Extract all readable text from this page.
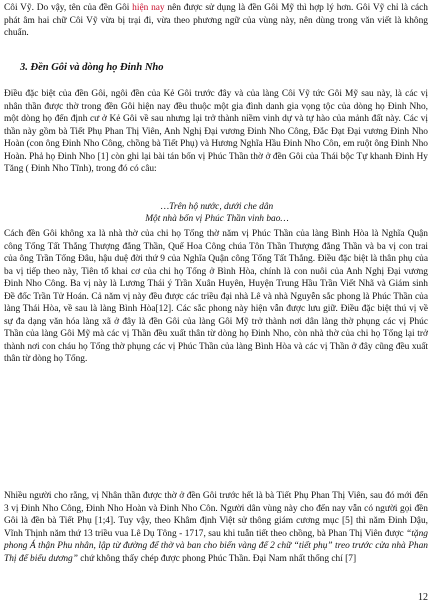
Côi Vỹ. Do vậy, tên của đền Gôi hiện nay nên được sử dụng là đền Gôi Mỹ thì hợp lý hơn. Gôi Vỹ chỉ là cách phát âm hai chữ Côi Vỹ vừa bị trại đi, vừa theo phương ngữ của vùng này, nên dùng trong văn viết là không chuẩn.

3. Đền Gôi và dòng họ Đinh Nho

Điều đặc biệt của đền Gôi, ngôi đền của Kẻ Gôi trước đây và của làng Côi Vỹ tức Gôi Mỹ sau này, là các vị nhân thần được thờ trong đền Gôi hiện nay đều thuộc một gia đình danh gia vọng tộc của dòng họ Đinh Nho, một dòng họ đến định cư ở Kẻ Gôi về sau nhưng lại trở thành niềm vinh dự và tự hào của mảnh đất này. Các vị thần này gồm bà Tiết Phụ Phan Thị Viên, Anh Nghị Đại vương Đinh Nho Công, Đắc Đạt Đại vương Đinh Nho Hoàn (con ông Đinh Nho Công, chồng bà Tiết Phụ) và Hương Nghĩa Hầu Đinh Nho Côn, em ruột ông Đinh Nho Hoàn. Phả họ Đinh Nho [1] còn ghi lại bài tán bốn vị Phúc Thần thờ ở đền Gôi của Thái bộc Tự khanh Đinh Hy Tăng ( Đinh Nho Tĩnh), trong đó có câu:

…Trên hộ nước, dưới che dân

Một nhà bốn vị Phúc Thần vinh bao…

Cách đền Gôi không xa là nhà thờ của chi họ Tống thờ năm vị Phúc Thần của làng Bình Hòa là Nghĩa Quận công Tống Tất Thắng Thượng đẳng Thần, Quế Hoa Công chúa Tôn Thần Thượng đẳng Thần và ba vị con trai của ông Trần Tống Đâu, hậu duệ đời thứ 9 của Nghĩa Quận công Tống Tất Thắng. Điều đặc biệt là thân phụ của ba vị tiếp theo này, Tiên tổ khai cơ của chi họ Tống ở Bình Hòa, chính là con nuôi của Anh Nghị Đại vương Đinh Nho Công. Ba vị này là Lương Thái ý Trần Xuân Huyên, Huyện Trung Hầu Trần Viết Nhã và Giám sinh Đề đốc Trần Tử Hoán. Cả năm vị này đều được các triều đại nhà Lê và nhà Nguyễn sắc phong là Phúc Thần của làng Thái Hòa, về sau là làng Bình Hòa[12]. Các sắc phong này hiện vẫn được lưu giữ. Điều đặc biệt thú vị về sự đa dạng văn hóa làng xã ở đây là đền Gôi của làng Gôi Mỹ trở thành nơi dân làng thờ phụng các vị Phúc Thần của làng Gôi Mỹ mà các vị Thần đều xuất thân từ dòng họ Đinh Nho, còn nhà thờ của chi họ Tống lại trở thành nơi con cháu họ Tống thờ phụng các vị Phúc Thần của làng Bình Hòa và các vị Thần ở đây cũng đều xuất thân từ dòng họ Tống.

Nhiều người cho rằng, vị Nhân thần được thờ ở đền Gôi trước hết là bà Tiết Phụ Phan Thị Viên, sau đó mới đến 3 vị Đinh Nho Công, Đinh Nho Hoàn và Đinh Nho Côn. Người dân vùng này cho đến nay vẫn có người gọi đền Gôi là đền bà Tiết Phụ [1;4]. Tuy vậy, theo Khâm định Việt sử thông giám cương mục [5] thì năm Đinh Dậu, Vĩnh Thịnh năm thứ 13 triều vua Lê Dụ Tông - 1717, sau khi tuẫn tiết theo chồng, bà Phan Thị Viên được “tặng phong Á thận Phu nhân, lập từ đường để thờ và ban cho biển vàng để 2 chữ “tiết phụ” treo trước cửa nhà Phan Thị để biểu dương” chứ không thấy chép được phong Phúc Thần. Đại Nam nhất thống chí [7]

12
